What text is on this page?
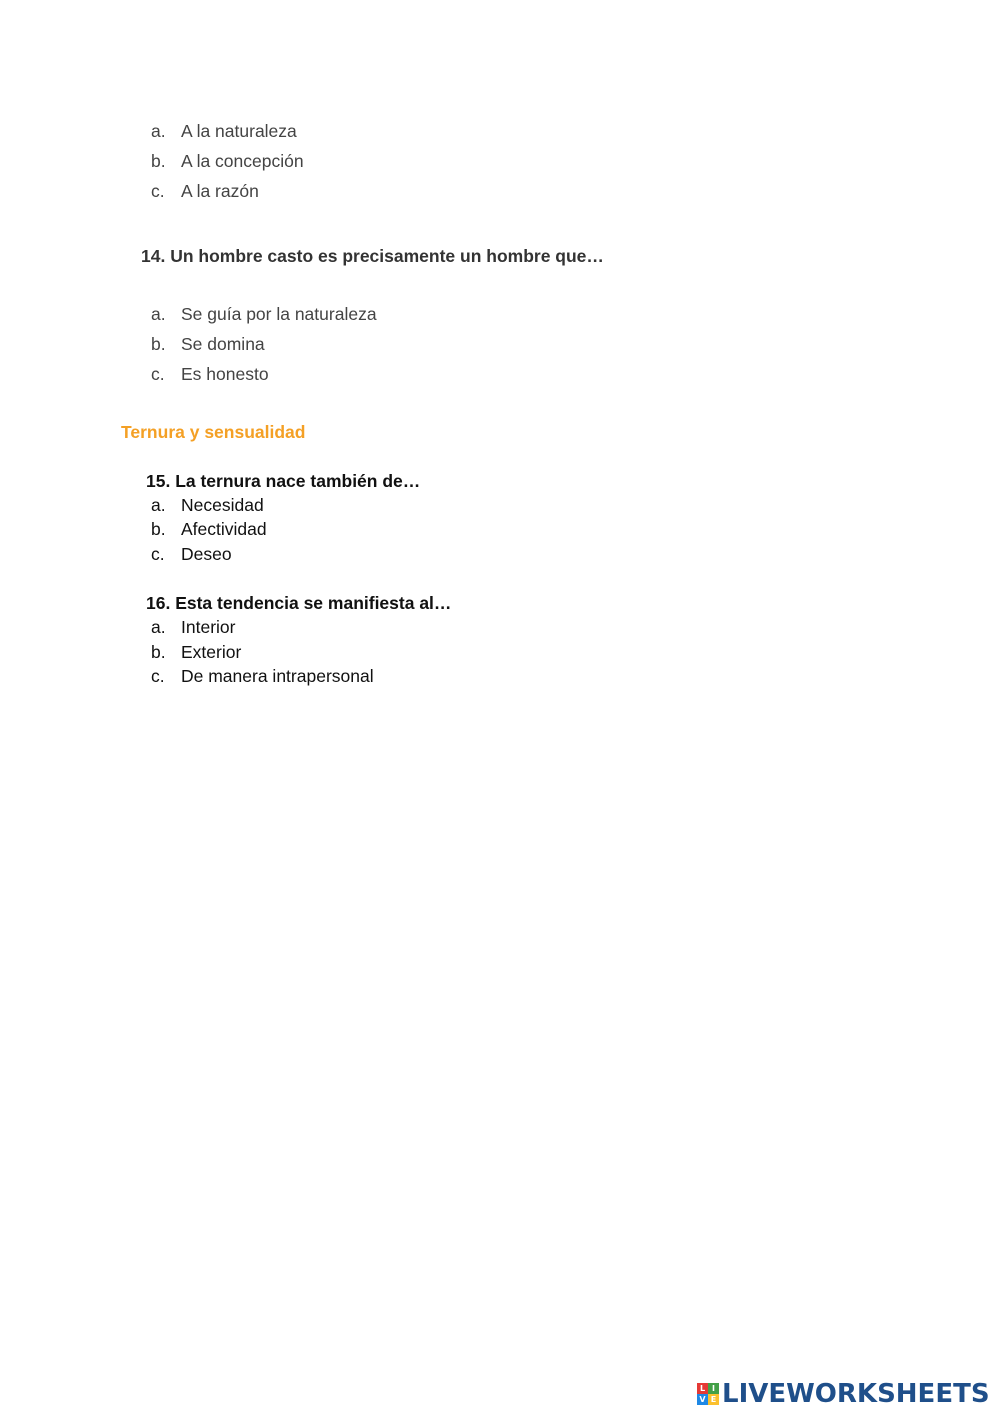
a. A la naturaleza
b. A la concepción
c. A la razón
14. Un hombre casto es precisamente un hombre que…
a. Se guía por la naturaleza
b. Se domina
c. Es honesto
Ternura y sensualidad
15. La ternura nace también de…
a. Necesidad
b. Afectividad
c. Deseo
16. Esta tendencia se manifiesta al…
a. Interior
b. Exterior
c. De manera intrapersonal
L I
V E LIVEWORKSHEETS
